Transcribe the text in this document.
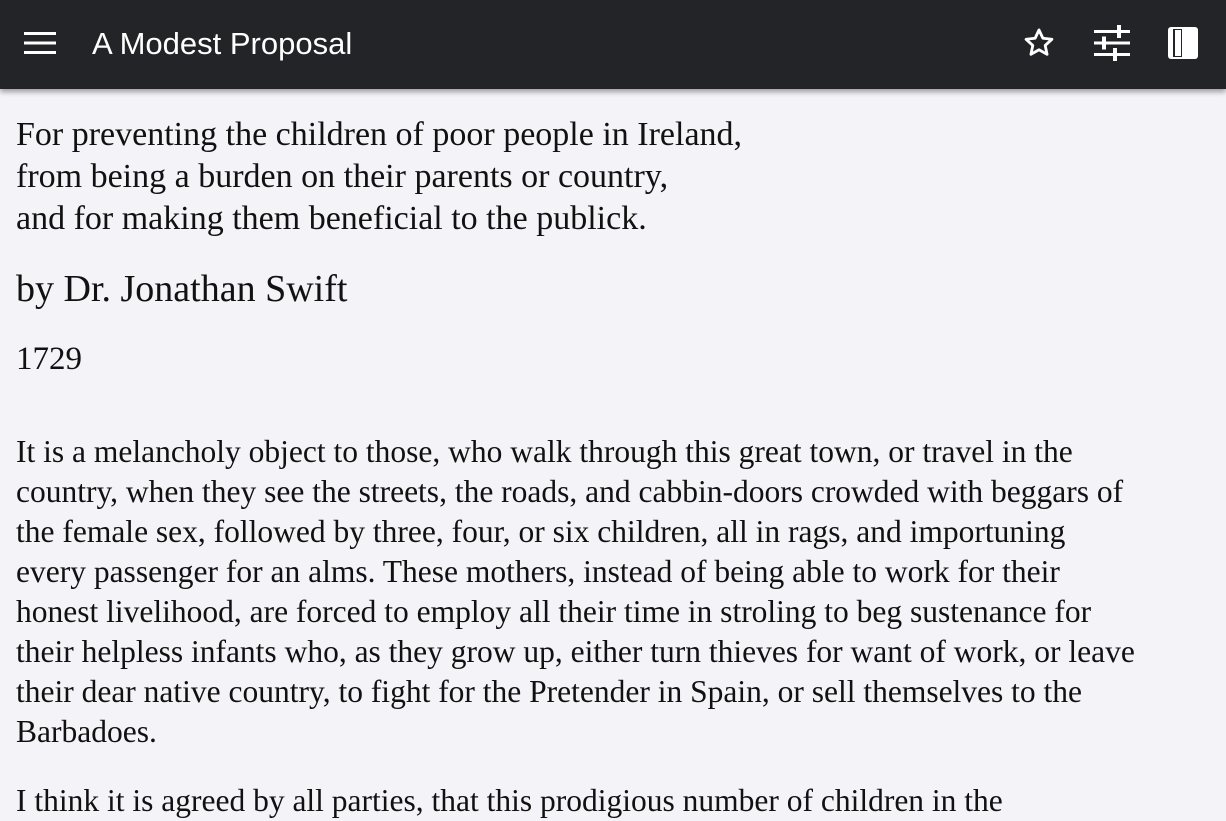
A Modest Proposal
For preventing the children of poor people in Ireland,
from being a burden on their parents or country,
and for making them beneficial to the publick.
by Dr. Jonathan Swift

1729

It is a melancholy object to those, who walk through this great town, or travel in the
country, when they see the streets, the roads, and cabbin-doors crowded with beggars of
the female sex, followed by three, four, or six children, all in rags, and importuning
every passenger for an alms. These mothers, instead of being able to work for their
honest livelihood, are forced to employ all their time in stroling to beg sustenance for
their helpless infants who, as they grow up, either turn thieves for want of work, or leave
their dear native country, to fight for the Pretender in Spain, or sell themselves to the
Barbadoes.

I think it is agreed by all parties, that this prodigious number of children in the
